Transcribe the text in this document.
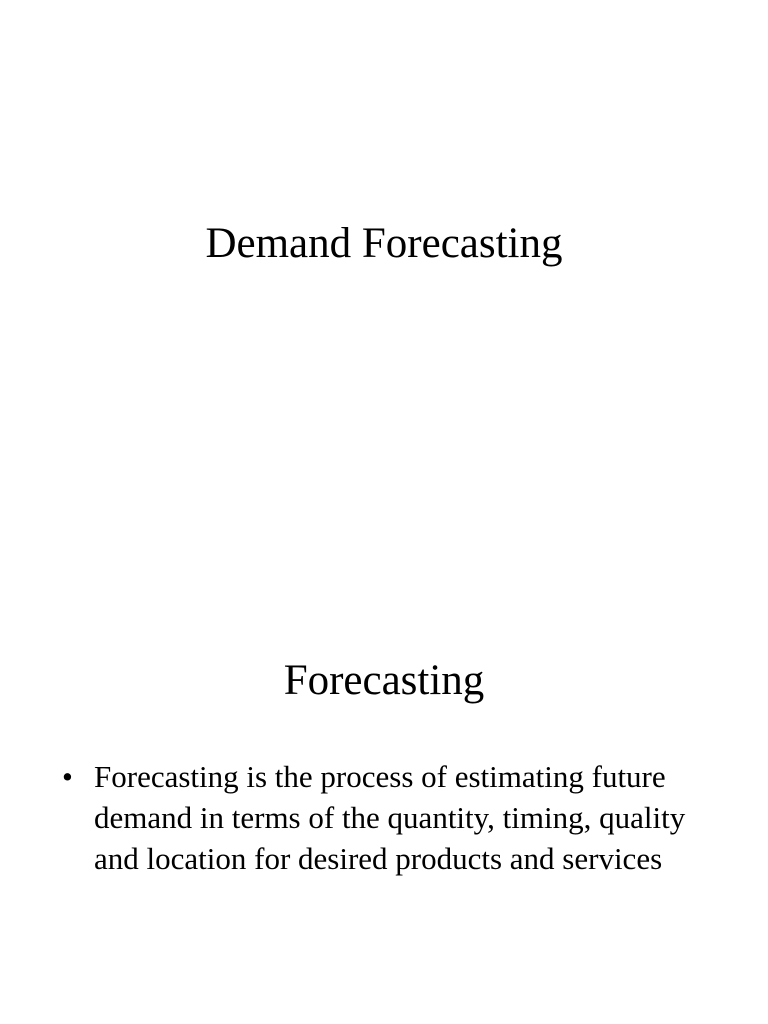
Demand Forecasting
Forecasting
• Forecasting is the process of estimating future demand in terms of the quantity, timing, quality and location for desired products and services
